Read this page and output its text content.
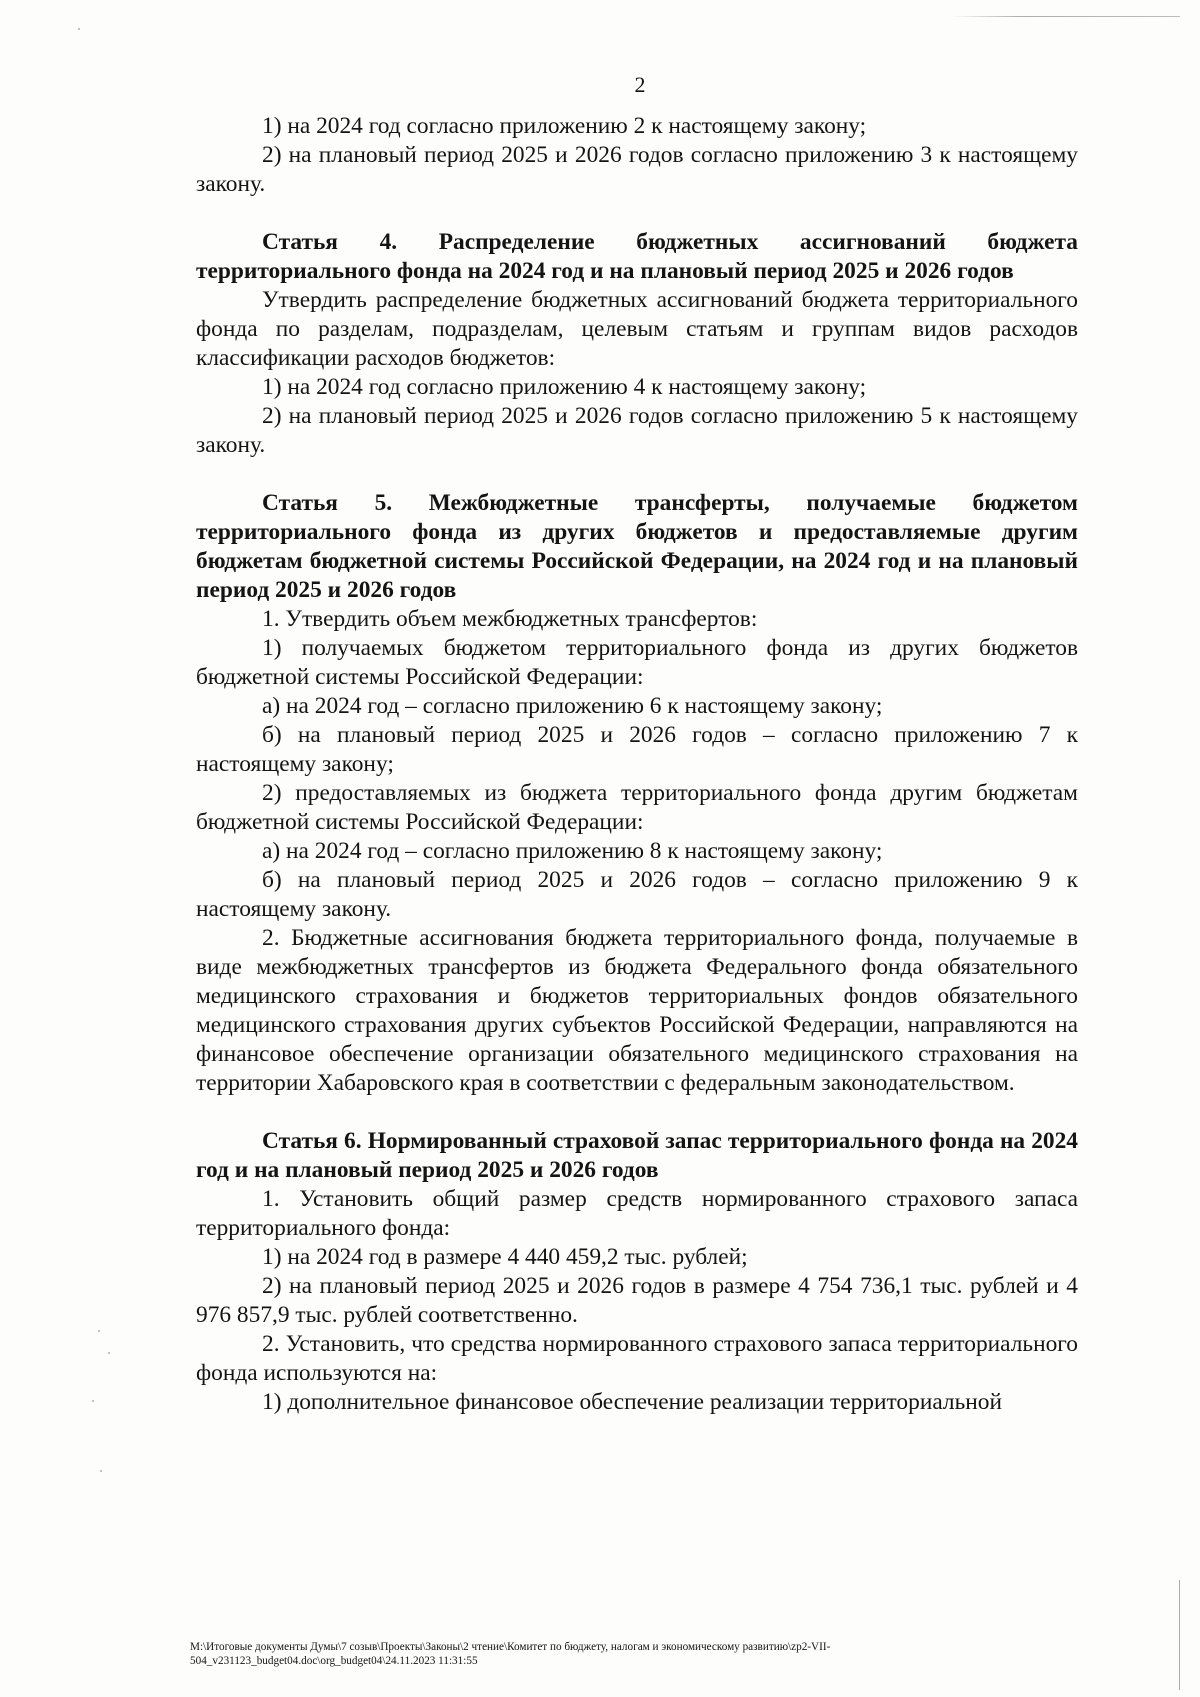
2

1) на 2024 год согласно приложению 2 к настоящему закону;

2) на плановый период 2025 и 2026 годов согласно приложению 3 к настоящему закону.

Статья 4. Распределение бюджетных ассигнований бюджета территориального фонда на 2024 год и на плановый период 2025 и 2026 годов

Утвердить распределение бюджетных ассигнований бюджета территориального фонда по разделам, подразделам, целевым статьям и группам видов расходов классификации расходов бюджетов:

1) на 2024 год согласно приложению 4 к настоящему закону;

2) на плановый период 2025 и 2026 годов согласно приложению 5 к настоящему закону.

Статья 5. Межбюджетные трансферты, получаемые бюджетом территориального фонда из других бюджетов и предоставляемые другим бюджетам бюджетной системы Российской Федерации, на 2024 год и на плановый период 2025 и 2026 годов

1. Утвердить объем межбюджетных трансфертов:

1) получаемых бюджетом территориального фонда из других бюджетов бюджетной системы Российской Федерации:

а) на 2024 год – согласно приложению 6 к настоящему закону;

б) на плановый период 2025 и 2026 годов – согласно приложению 7 к настоящему закону;

2) предоставляемых из бюджета территориального фонда другим бюджетам бюджетной системы Российской Федерации:

а) на 2024 год – согласно приложению 8 к настоящему закону;

б) на плановый период 2025 и 2026 годов – согласно приложению 9 к настоящему закону.

2. Бюджетные ассигнования бюджета территориального фонда, получаемые в виде межбюджетных трансфертов из бюджета Федерального фонда обязательного медицинского страхования и бюджетов территориальных фондов обязательного медицинского страхования других субъектов Российской Федерации, направляются на финансовое обеспечение организации обязательного медицинского страхования на территории Хабаровского края в соответствии с федеральным законодательством.

Статья 6. Нормированный страховой запас территориального фонда на 2024 год и на плановый период 2025 и 2026 годов

1. Установить общий размер средств нормированного страхового запаса территориального фонда:

1) на 2024 год в размере 4 440 459,2 тыс. рублей;

2) на плановый период 2025 и 2026 годов в размере 4 754 736,1 тыс. рублей и 4 976 857,9 тыс. рублей соответственно.

2. Установить, что средства нормированного страхового запаса территориального фонда используются на:

1) дополнительное финансовое обеспечение реализации территориальной

М:\Итоговые документы Думы\7 созыв\Проекты\Законы\2 чтение\Комитет по бюджету, налогам и экономическому развитию\zp2-VII-
504_v231123_budget04.doc\org_budget04\24.11.2023 11:31:55
